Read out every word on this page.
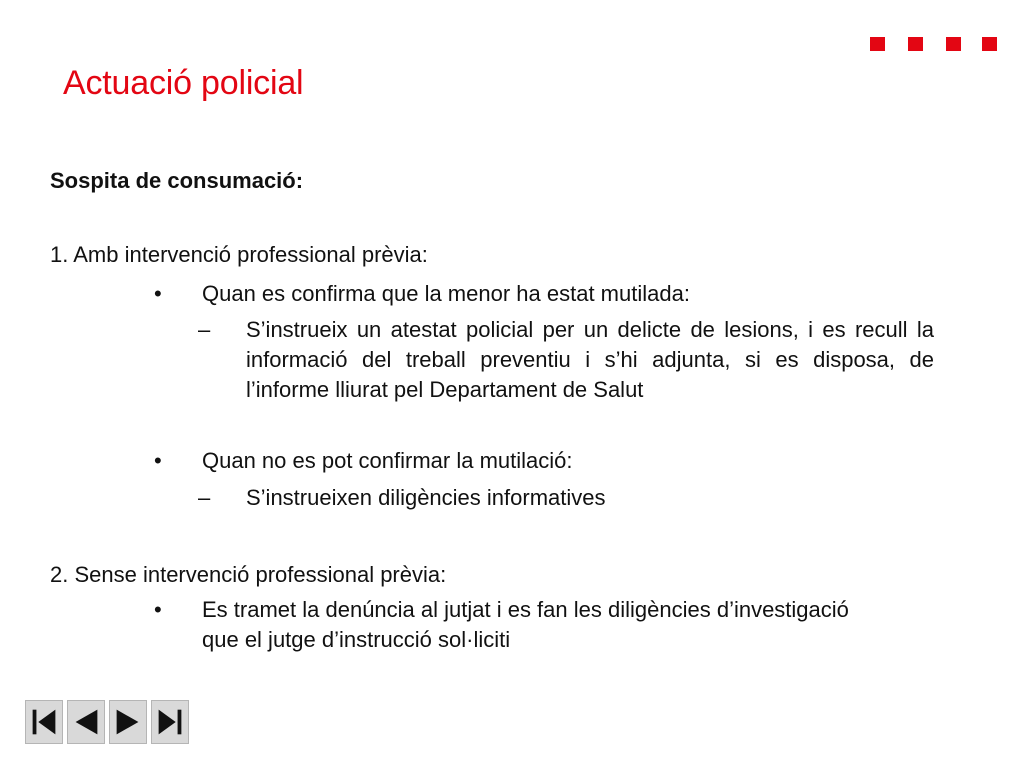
Actuació policial
Sospita de consumació:
1. Amb intervenció professional prèvia:
• Quan es confirma que la menor ha estat mutilada:
– S’instrueix un atestat policial per un delicte de lesions, i es recull la informació del treball preventiu i s’hi adjunta, si es disposa, de l’informe lliurat pel Departament de Salut
• Quan no es pot confirmar la mutilació:
– S’instrueixen diligències informatives
2. Sense intervenció professional prèvia:
• Es tramet la denúncia al jutjat i es fan les diligències d’investigació que el jutge d’instrucció sol·liciti
